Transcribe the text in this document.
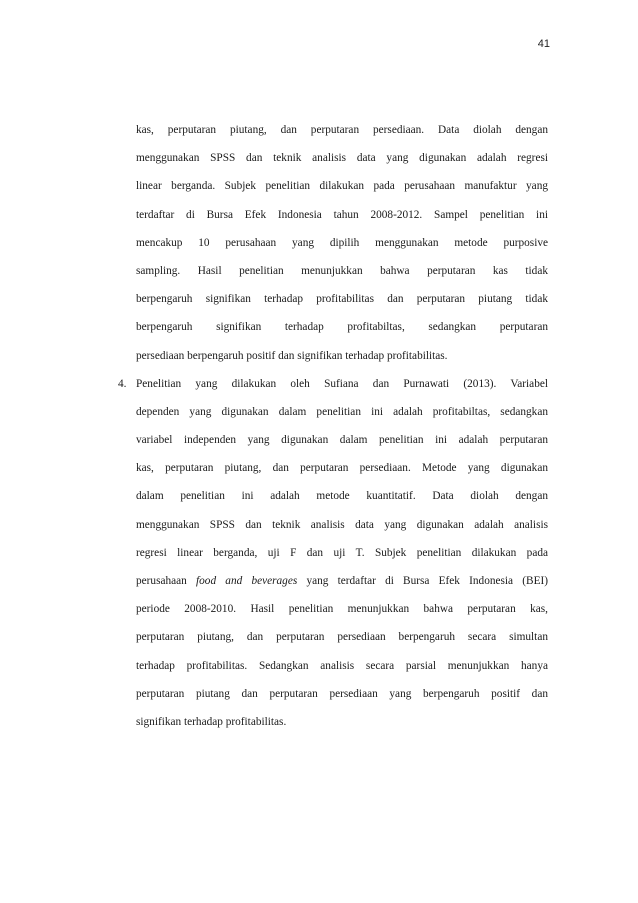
41
kas, perputaran piutang, dan perputaran persediaan. Data diolah dengan
menggunakan SPSS dan teknik analisis data yang digunakan adalah regresi
linear berganda. Subjek penelitian dilakukan pada perusahaan manufaktur yang
terdaftar di Bursa Efek Indonesia tahun 2008-2012. Sampel penelitian ini
mencakup 10 perusahaan yang dipilih menggunakan metode purposive
sampling. Hasil penelitian menunjukkan bahwa perputaran kas tidak
berpengaruh signifikan terhadap profitabilitas dan perputaran piutang tidak
berpengaruh signifikan terhadap profitabiltas, sedangkan perputaran
persediaan berpengaruh positif dan signifikan terhadap profitabilitas.
4. Penelitian yang dilakukan oleh Sufiana dan Purnawati (2013). Variabel
dependen yang digunakan dalam penelitian ini adalah profitabiltas, sedangkan
variabel independen yang digunakan dalam penelitian ini adalah perputaran
kas, perputaran piutang, dan perputaran persediaan. Metode yang digunakan
dalam penelitian ini adalah metode kuantitatif. Data diolah dengan
menggunakan SPSS dan teknik analisis data yang digunakan adalah analisis
regresi linear berganda, uji F dan uji T. Subjek penelitian dilakukan pada
perusahaan food and beverages yang terdaftar di Bursa Efek Indonesia (BEI)
periode 2008-2010. Hasil penelitian menunjukkan bahwa perputaran kas,
perputaran piutang, dan perputaran persediaan berpengaruh secara simultan
terhadap profitabilitas. Sedangkan analisis secara parsial menunjukkan hanya
perputaran piutang dan perputaran persediaan yang berpengaruh positif dan
signifikan terhadap profitabilitas.
